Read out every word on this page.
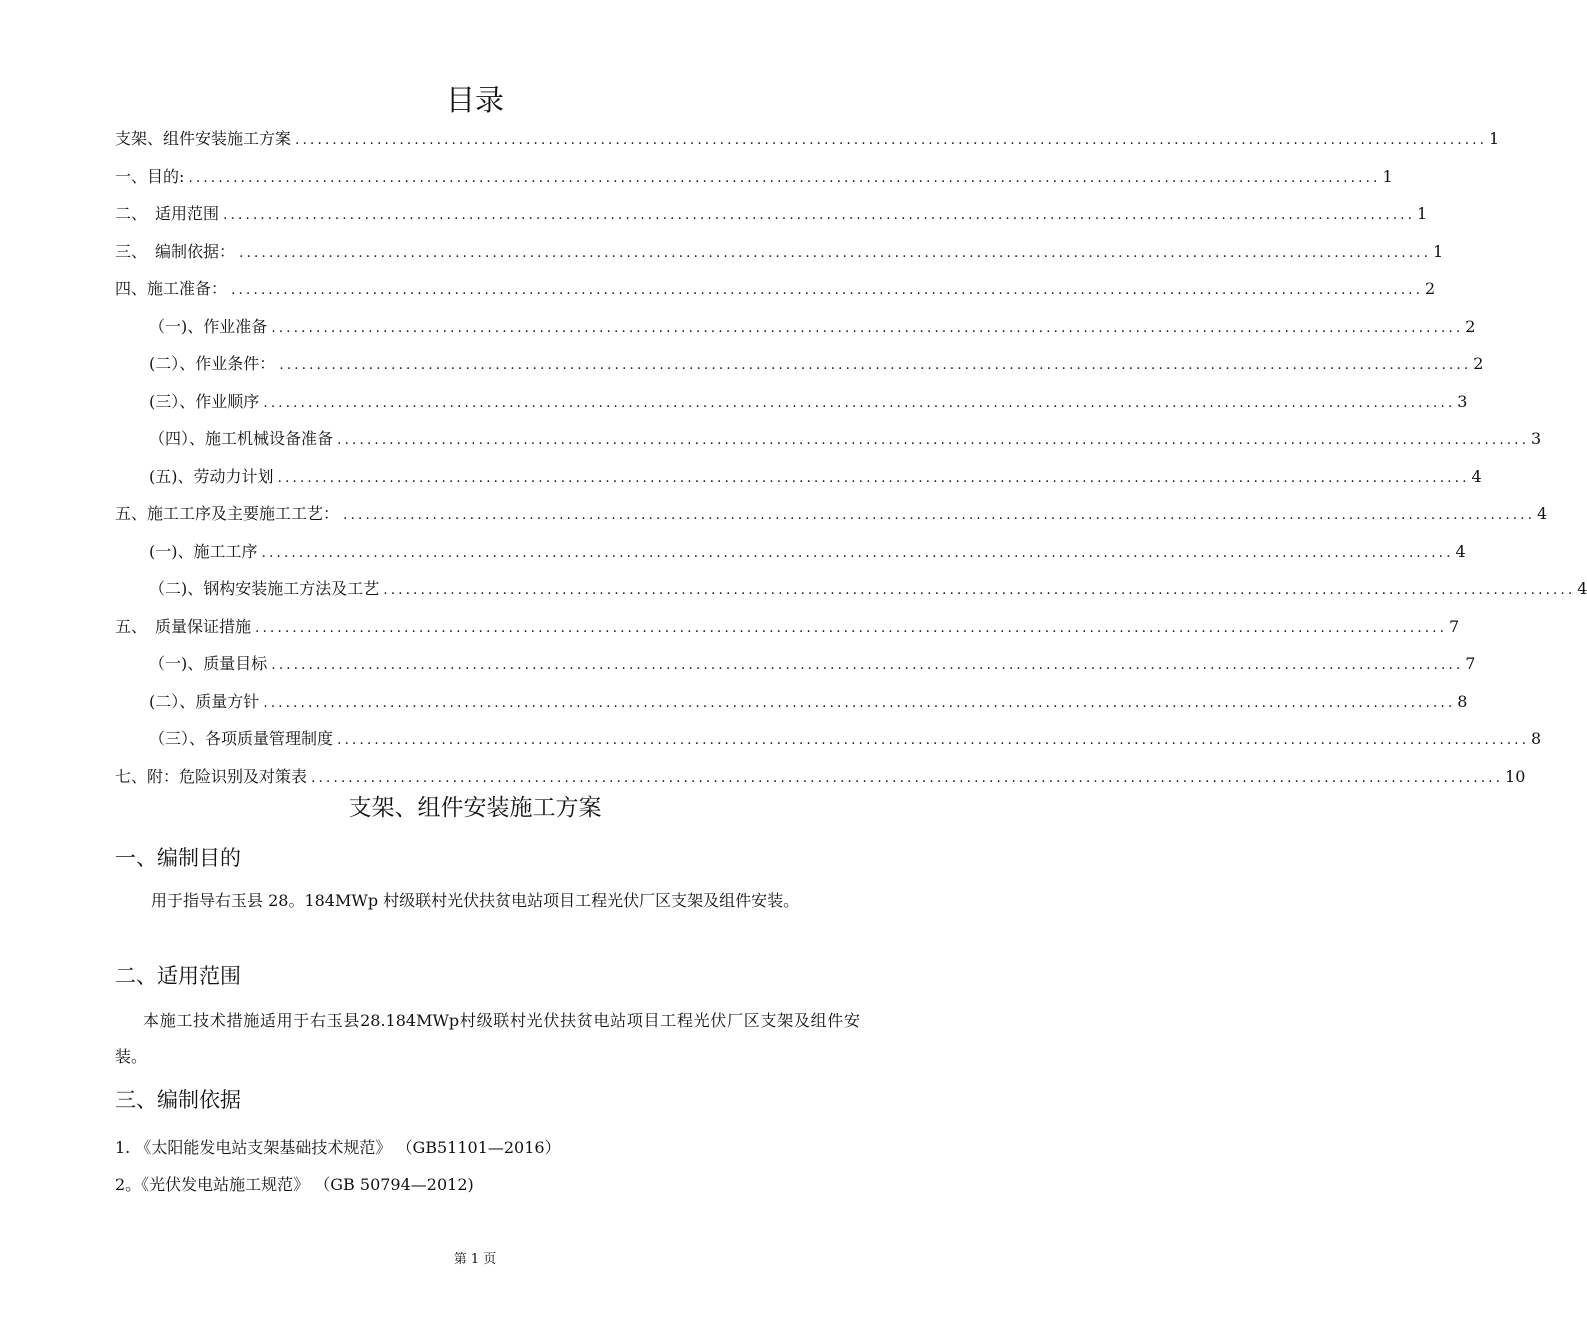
目录
支架、组件安装施工方案 ................................................................................................................................................................ 1
一、目的: ................................................................................................................................................................ 1
二、　适用范围 ................................................................................................................................................................ 1
三、　编制依据： ................................................................................................................................................................ 1
四、施工准备： ................................................................................................................................................................ 2
（一)、作业准备 ................................................................................................................................................................ 2
(二）、作业条件： ................................................................................................................................................................ 2
(三）、作业顺序 ................................................................................................................................................................ 3
（四）、施工机械设备准备 ................................................................................................................................................................ 3
(五)、劳动力计划 ................................................................................................................................................................ 4
五、施工工序及主要施工工艺： ................................................................................................................................................................ 4
(一)、施工工序 ................................................................................................................................................................ 4
（二)、钢构安装施工方法及工艺 ................................................................................................................................................................ 4
五、　质量保证措施 ................................................................................................................................................................ 7
（一)、质量目标 ................................................................................................................................................................ 7
(二）、质量方针 ................................................................................................................................................................ 8
（三）、各项质量管理制度 ................................................................................................................................................................ 8
七、附：危险识别及对策表 ................................................................................................................................................................ 10
支架、组件安装施工方案
一、编制目的
用于指导右玉县 28。184MWp 村级联村光伏扶贫电站项目工程光伏厂区支架及组件安装。
二、适用范围
本施工技术措施适用于右玉县28.184MWp村级联村光伏扶贫电站项目工程光伏厂区支架及组件安装。
三、编制依据
1. 《太阳能发电站支架基础技术规范》 （GB51101—2016）
2。《光伏发电站施工规范》 （GB 50794—2012)
第 1 页
